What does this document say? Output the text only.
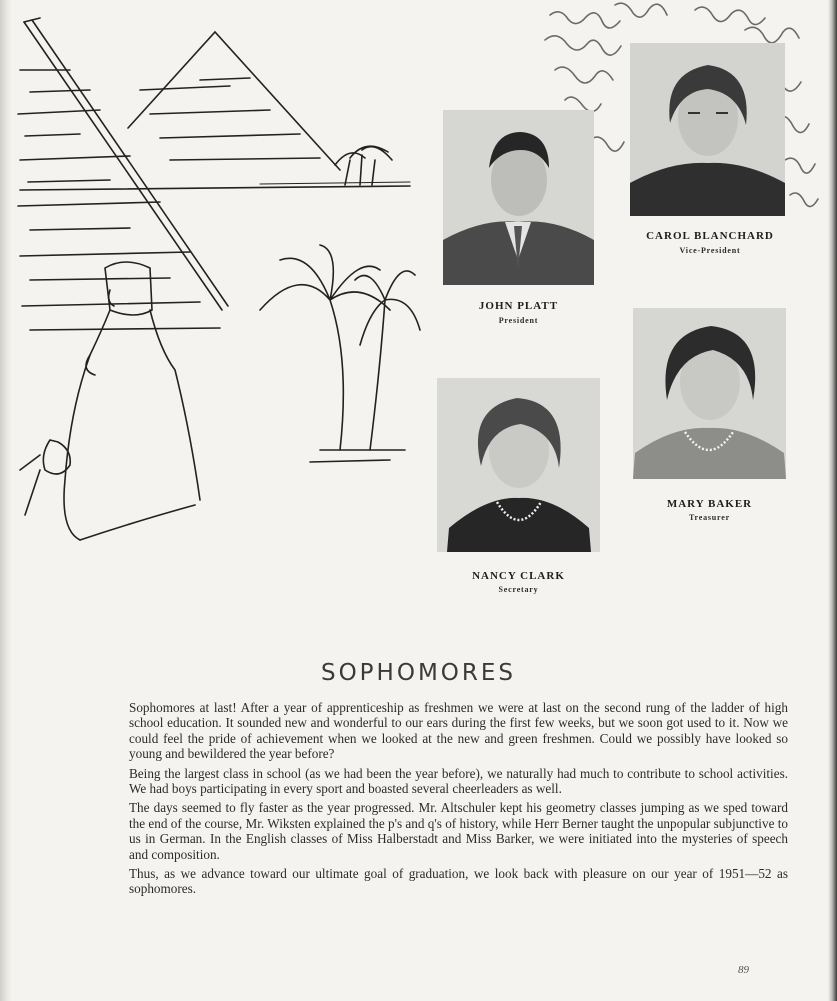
JOHN PLATT
President
CAROL BLANCHARD
Vice-President
NANCY CLARK
Secretary
MARY BAKER
Treasurer
SOPHOMORES

Sophomores at last! After a year of apprenticeship as freshmen we were at last on the second rung of the ladder of high school education. It sounded new and wonderful to our ears during the first few weeks, but we soon got used to it. Now we could feel the pride of achievement when we looked at the new and green freshmen. Could we possibly have looked so young and bewildered the year before?

Being the largest class in school (as we had been the year before), we naturally had much to contribute to school activities. We had boys participating in every sport and boasted several cheerleaders as well.

The days seemed to fly faster as the year progressed. Mr. Altschuler kept his geometry classes jumping as we sped toward the end of the course, Mr. Wiksten explained the p's and q's of history, while Herr Berner taught the unpopular subjunctive to us in German. In the English classes of Miss Halberstadt and Miss Barker, we were initiated into the mysteries of speech and composition.

Thus, as we advance toward our ultimate goal of graduation, we look back with pleasure on our year of 1951—52 as sophomores.

89
